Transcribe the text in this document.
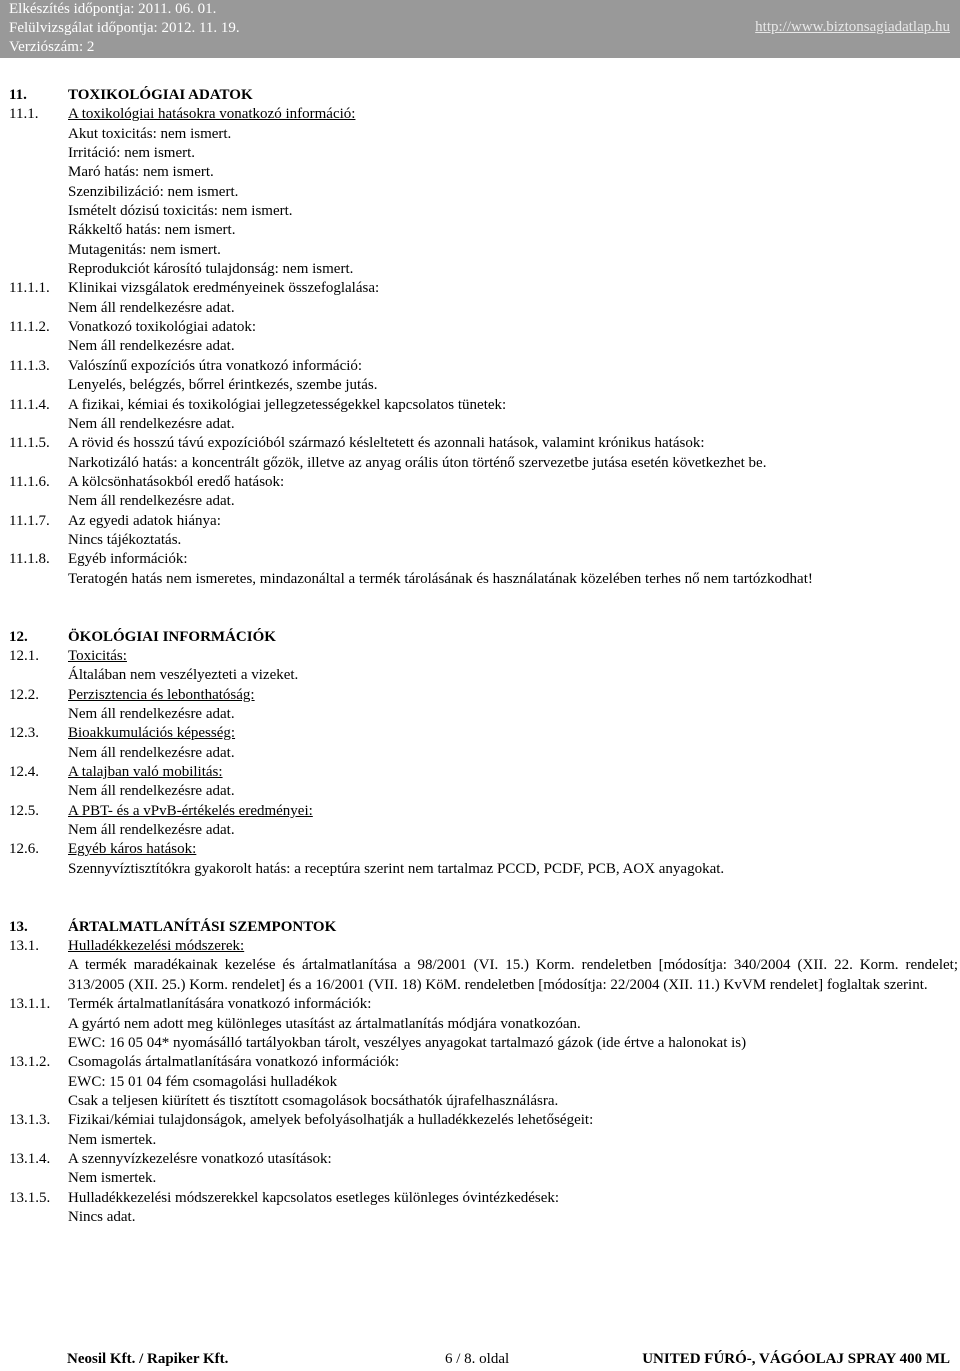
Elkészítés időpontja: 2011. 06. 01.
Felülvizsgálat időpontja: 2012. 11. 19.
Verziószám: 2
http://www.biztonsagiadatlap.hu
11.	TOXIKOLÓGIAI ADATOK
11.1.	A toxikológiai hatásokra vonatkozó információ:
Akut toxicitás: nem ismert.
Irritáció: nem ismert.
Maró hatás: nem ismert.
Szenzibilizáció: nem ismert.
Ismételt dózisú toxicitás: nem ismert.
Rákkeltő hatás: nem ismert.
Mutagenitás: nem ismert.
Reprodukciót károsító tulajdonság: nem ismert.
11.1.1.	Klinikai vizsgálatok eredményeinek összefoglalása:
Nem áll rendelkezésre adat.
11.1.2.	Vonatkozó toxikológiai adatok:
Nem áll rendelkezésre adat.
11.1.3.	Valószínű expozíciós útra vonatkozó információ:
Lenyelés, belégzés, bőrrel érintkezés, szembe jutás.
11.1.4.	A fizikai, kémiai és toxikológiai jellegzetességekkel kapcsolatos tünetek:
Nem áll rendelkezésre adat.
11.1.5.	A rövid és hosszú távú expozícióból származó késleltetett és azonnali hatások, valamint krónikus hatások:
Narkotizáló hatás: a koncentrált gőzök, illetve az anyag orális úton történő szervezetbe jutása esetén következhet be.
11.1.6.	A kölcsönhatásokból eredő hatások:
Nem áll rendelkezésre adat.
11.1.7.	Az egyedi adatok hiánya:
Nincs tájékoztatás.
11.1.8.	Egyéb információk:
Teratogén hatás nem ismeretes, mindazonáltal a termék tárolásának és használatának közelében terhes nő nem tartózkodhat!
12.	ÖKOLÓGIAI INFORMÁCIÓK
12.1.	Toxicitás:
Általában nem veszélyezteti a vizeket.
12.2.	Perzisztencia és lebonthatóság:
Nem áll rendelkezésre adat.
12.3.	Bioakkumulációs képesség:
Nem áll rendelkezésre adat.
12.4.	A talajban való mobilitás:
Nem áll rendelkezésre adat.
12.5.	A PBT- és a vPvB-értékelés eredményei:
Nem áll rendelkezésre adat.
12.6.	Egyéb káros hatások:
Szennyvíztisztítókra gyakorolt hatás: a receptúra szerint nem tartalmaz PCCD, PCDF, PCB, AOX anyagokat.
13.	ÁRTALMATLANÍTÁSI SZEMPONTOK
13.1.	Hulladékkezelési módszerek:
A termék maradékainak kezelése és ártalmatlanítása a 98/2001 (VI. 15.) Korm. rendeletben [módosítja: 340/2004 (XII. 22. Korm. rendelet; 313/2005 (XII. 25.) Korm. rendelet] és a 16/2001 (VII. 18) KöM. rendeletben [módosítja: 22/2004 (XII. 11.) KvVM rendelet] foglaltak szerint.
13.1.1.	Termék ártalmatlanítására vonatkozó információk:
A gyártó nem adott meg különleges utasítást az ártalmatlanítás módjára vonatkozóan.
EWC: 16 05 04* nyomásálló tartályokban tárolt, veszélyes anyagokat tartalmazó gázok (ide értve a halonokat is)
13.1.2.	Csomagolás ártalmatlanítására vonatkozó információk:
EWC: 15 01 04 fém csomagolási hulladékok
Csak a teljesen kiürített és tisztított csomagolások bocsáthatók újrafelhasználásra.
13.1.3.	Fizikai/kémiai tulajdonságok, amelyek befolyásolhatják a hulladékkezelés lehetőségeit:
Nem ismertek.
13.1.4.	A szennyvízkezelésre vonatkozó utasítások:
Nem ismertek.
13.1.5.	Hulladékkezelési módszerekkel kapcsolatos esetleges különleges óvintézkedések:
Nincs adat.
Neosil Kft. / Rapiker Kft.	6 / 8. oldal	UNITED FÚRÓ-, VÁGÓOLAJ SPRAY 400 ML
